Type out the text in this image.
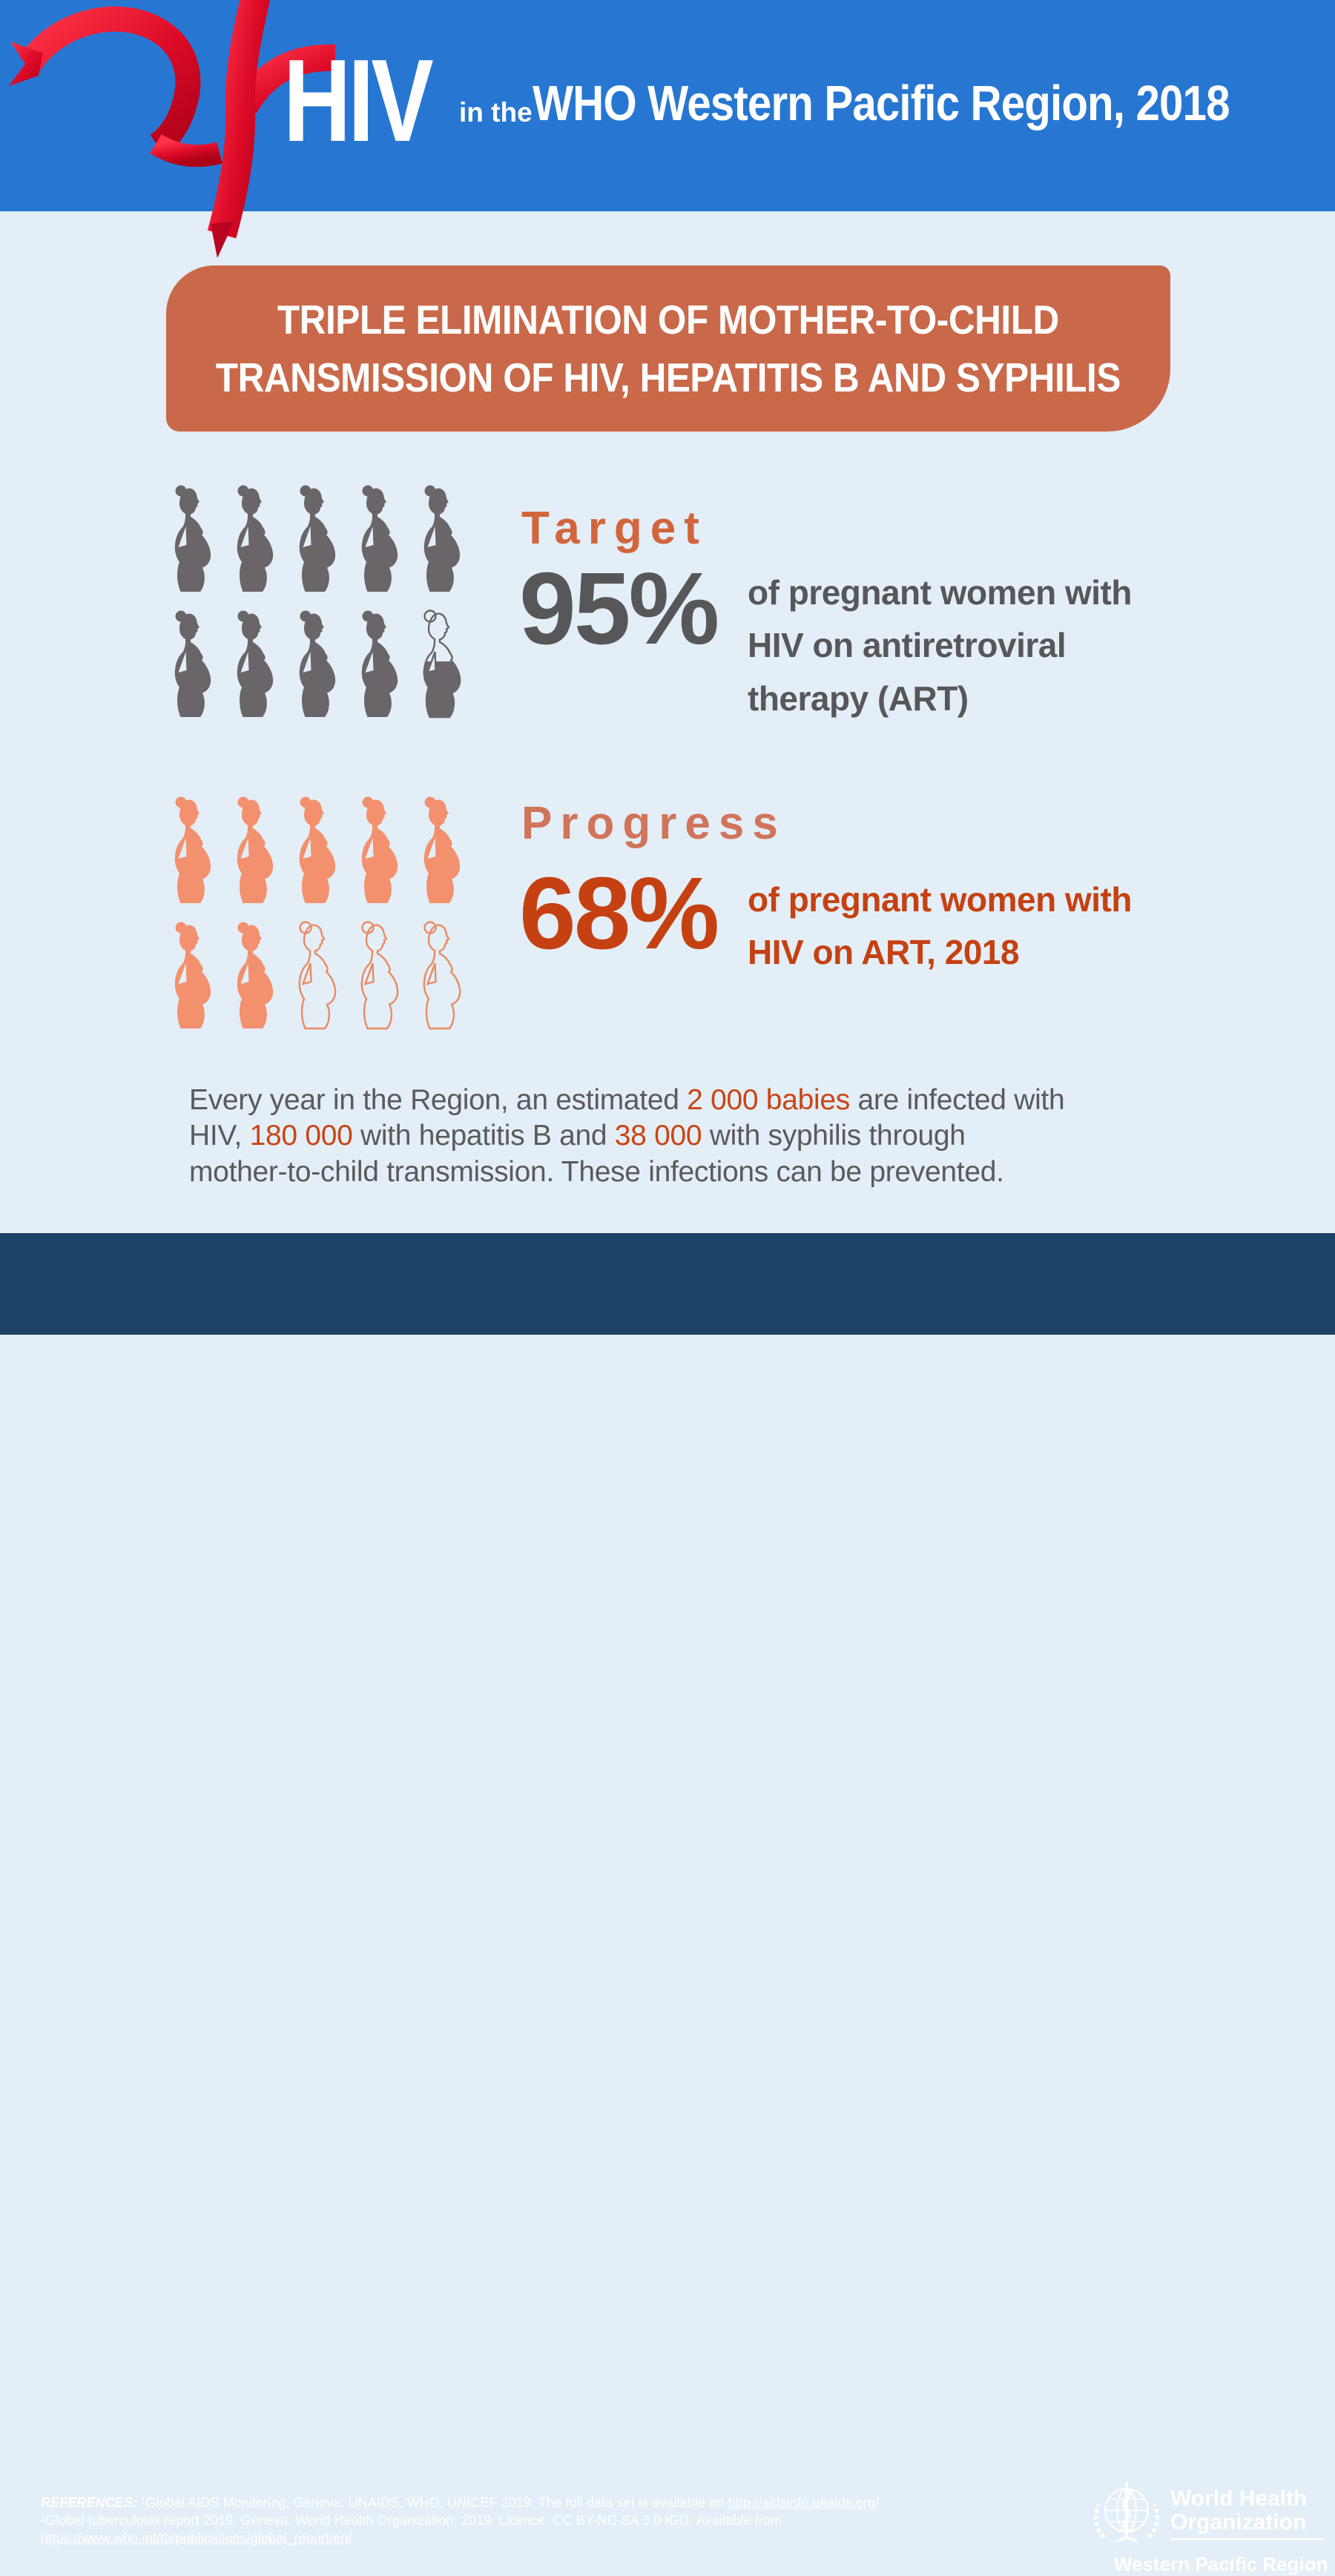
HIV in the WHO Western Pacific Region, 2018
TRIPLE ELIMINATION OF MOTHER-TO-CHILD
TRANSMISSION OF HIV, HEPATITIS B AND SYPHILIS
Target
95% of pregnant women with HIV on antiretroviral therapy (ART)
Progress
68% of pregnant women with HIV on ART, 2018
Every year in the Region, an estimated 2 000 babies are infected with
HIV, 180 000 with hepatitis B and 38 000 with syphilis through
mother-to-child transmission. These infections can be prevented.
REFERENCES: ¹Global AIDS Monitoring, Geneva: UNAIDS, WHO, UNICEF 2019. The full data set is available on http://aidsinfo.unaids.org/
²Global tuberculosis report 2019. Geneva: World Health Organization; 2019. Licence: CC BY-NC-SA 3.0 IGO. Available from
https://www.who.int/tb/publications/global_report/en/
World Health
Organization
Western Pacific Region
